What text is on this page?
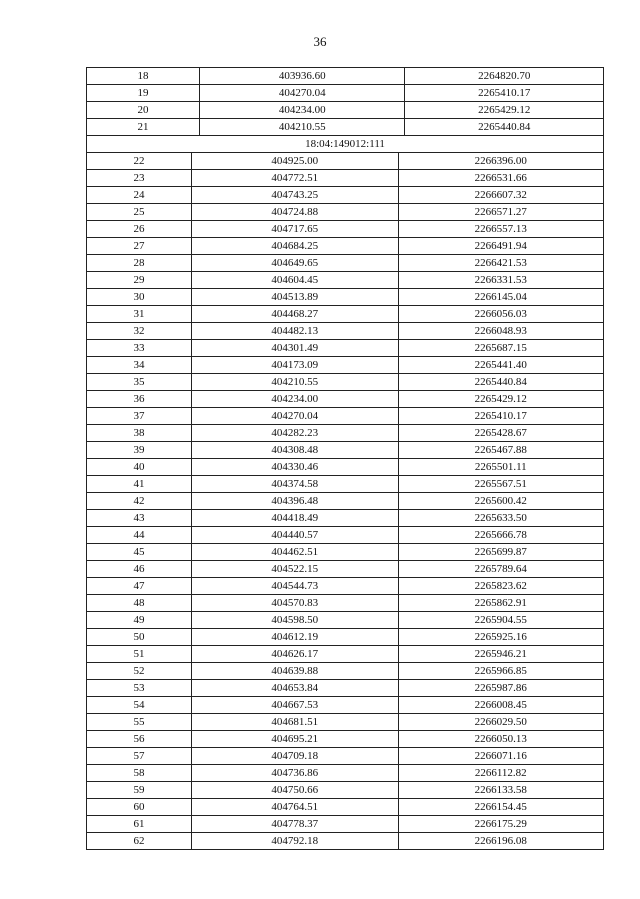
36
18	403936.60	2264820.70
19	404270.04	2265410.17
20	404234.00	2265429.12
21	404210.55	2265440.84
18:04:149012:111		
22	404925.00	2266396.00
23	404772.51	2266531.66
24	404743.25	2266607.32
25	404724.88	2266571.27
26	404717.65	2266557.13
27	404684.25	2266491.94
28	404649.65	2266421.53
29	404604.45	2266331.53
30	404513.89	2266145.04
31	404468.27	2266056.03
32	404482.13	2266048.93
33	404301.49	2265687.15
34	404173.09	2265441.40
35	404210.55	2265440.84
36	404234.00	2265429.12
37	404270.04	2265410.17
38	404282.23	2265428.67
39	404308.48	2265467.88
40	404330.46	2265501.11
41	404374.58	2265567.51
42	404396.48	2265600.42
43	404418.49	2265633.50
44	404440.57	2265666.78
45	404462.51	2265699.87
46	404522.15	2265789.64
47	404544.73	2265823.62
48	404570.83	2265862.91
49	404598.50	2265904.55
50	404612.19	2265925.16
51	404626.17	2265946.21
52	404639.88	2265966.85
53	404653.84	2265987.86
54	404667.53	2266008.45
55	404681.51	2266029.50
56	404695.21	2266050.13
57	404709.18	2266071.16
58	404736.86	2266112.82
59	404750.66	2266133.58
60	404764.51	2266154.45
61	404778.37	2266175.29
62	404792.18	2266196.08
